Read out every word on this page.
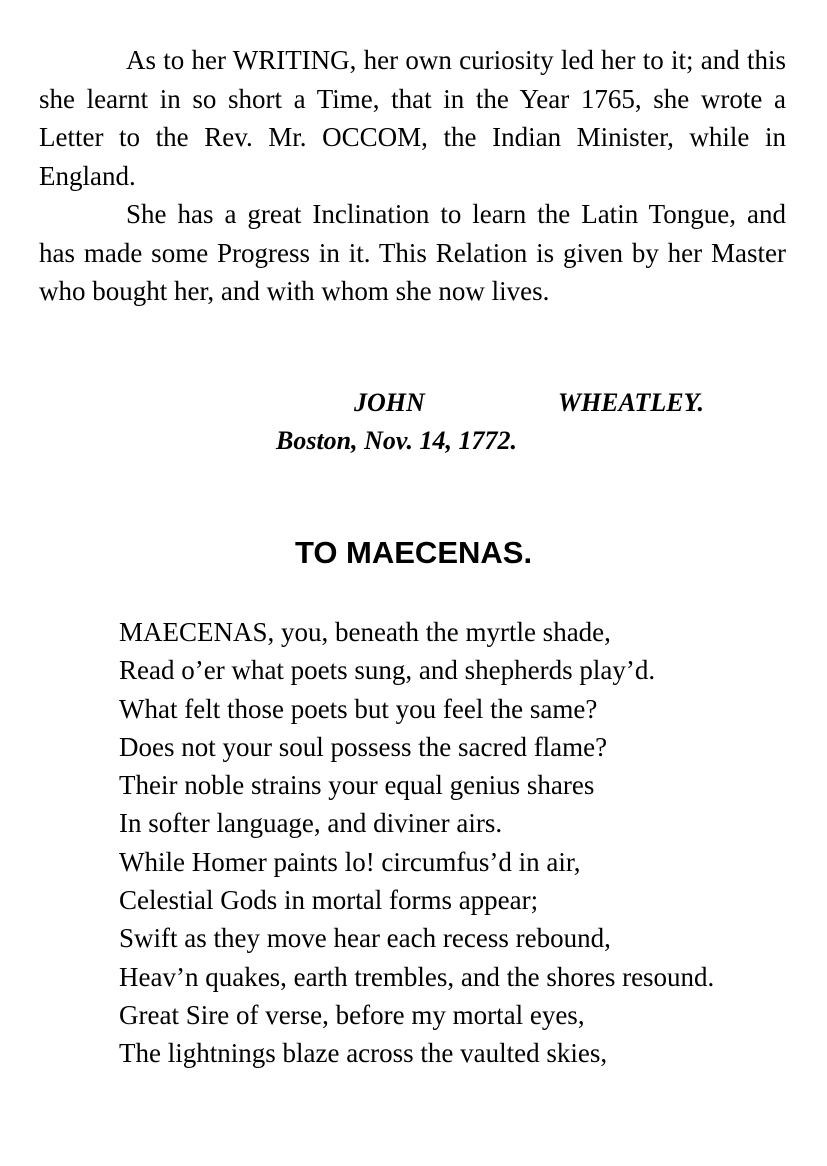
As to her WRITING, her own curiosity led her to it; and this she learnt in so short a Time, that in the Year 1765, she wrote a Letter to the Rev. Mr. OCCOM, the Indian Minister, while in England.

She has a great Inclination to learn the Latin Tongue, and has made some Progress in it. This Relation is given by her Master who bought her, and with whom she now lives.

JOHN	WHEATLEY.
Boston, Nov. 14, 1772.
TO MAECENAS.

MAECENAS, you, beneath the myrtle shade,

Read o’er what poets sung, and shepherds play’d.

What felt those poets but you feel the same?

Does not your soul possess the sacred flame?

Their noble strains your equal genius shares

In softer language, and diviner airs.

While Homer paints lo! circumfus’d in air,

Celestial Gods in mortal forms appear;

Swift as they move hear each recess rebound,

Heav’n quakes, earth trembles, and the shores resound.

Great Sire of verse, before my mortal eyes,

The lightnings blaze across the vaulted skies,
